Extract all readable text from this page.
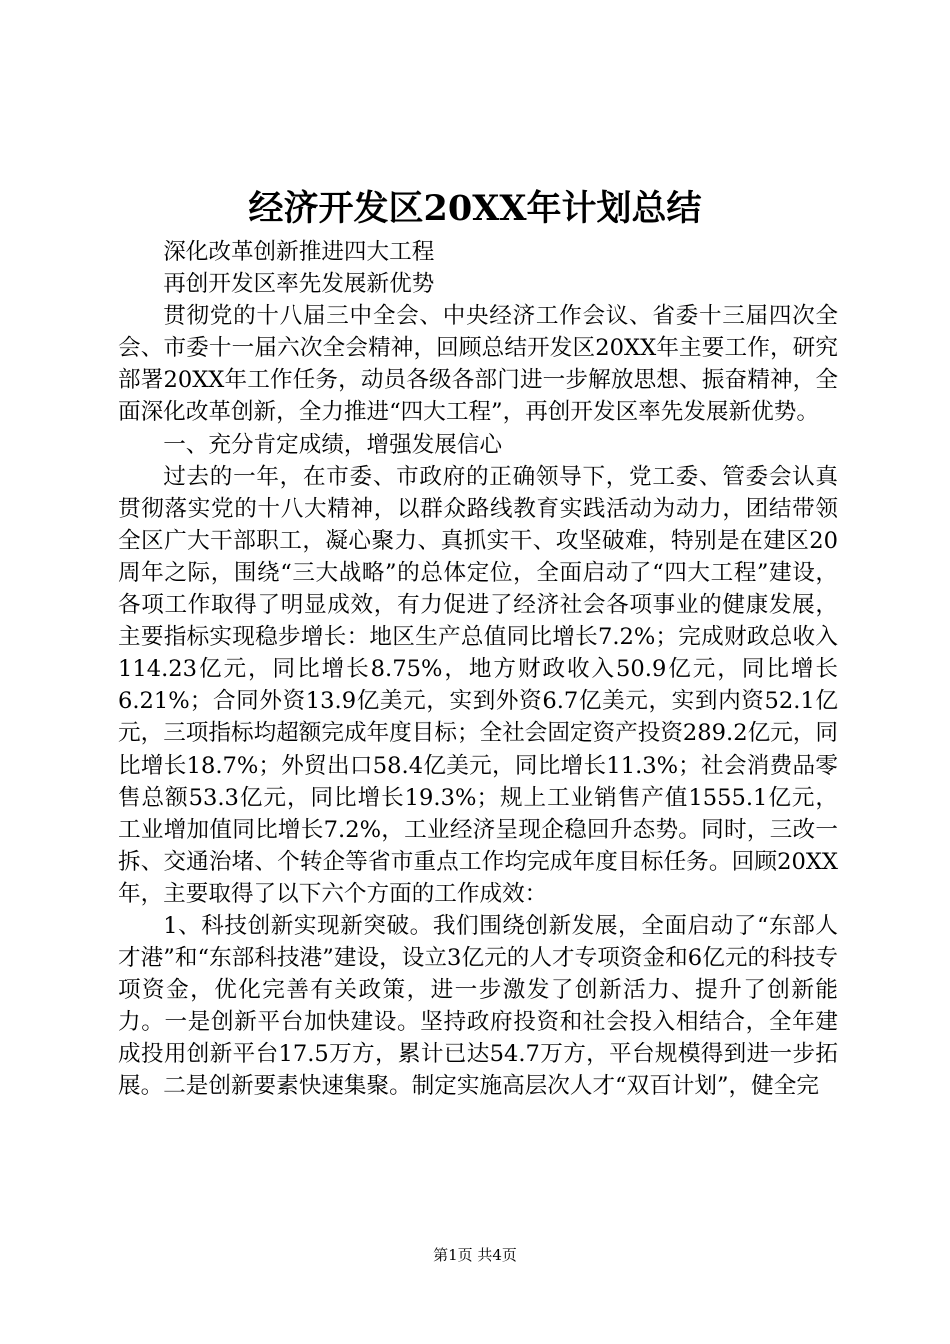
经济开发区20XX年计划总结

深化改革创新推进四大工程

再创开发区率先发展新优势

贯彻党的十八届三中全会、中央经济工作会议、省委十三届四次全会、市委十一届六次全会精神，回顾总结开发区20XX年主要工作，研究部署20XX年工作任务，动员各级各部门进一步解放思想、振奋精神，全面深化改革创新，全力推进“四大工程”，再创开发区率先发展新优势。

一、充分肯定成绩，增强发展信心

过去的一年，在市委、市政府的正确领导下，党工委、管委会认真贯彻落实党的十八大精神，以群众路线教育实践活动为动力，团结带领全区广大干部职工，凝心聚力、真抓实干、攻坚破难，特别是在建区20周年之际，围绕“三大战略”的总体定位，全面启动了“四大工程”建设，各项工作取得了明显成效，有力促进了经济社会各项事业的健康发展，主要指标实现稳步增长：地区生产总值同比增长7.2%；完成财政总收入114.23亿元，同比增长8.75%，地方财政收入50.9亿元，同比增长6.21%；合同外资13.9亿美元，实到外资6.7亿美元，实到内资52.1亿元，三项指标均超额完成年度目标；全社会固定资产投资289.2亿元，同比增长18.7%；外贸出口58.4亿美元，同比增长11.3%；社会消费品零售总额53.3亿元，同比增长19.3%；规上工业销售产值1555.1亿元，工业增加值同比增长7.2%，工业经济呈现企稳回升态势。同时，三改一拆、交通治堵、个转企等省市重点工作均完成年度目标任务。回顾20XX年，主要取得了以下六个方面的工作成效：

1、科技创新实现新突破。我们围绕创新发展，全面启动了“东部人才港”和“东部科技港”建设，设立3亿元的人才专项资金和6亿元的科技专项资金，优化完善有关政策，进一步激发了创新活力、提升了创新能力。一是创新平台加快建设。坚持政府投资和社会投入相结合，全年建成投用创新平台17.5万方，累计已达54.7万方，平台规模得到进一步拓展。二是创新要素快速集聚。制定实施高层次人才“双百计划”，健全完

第1页 共4页
